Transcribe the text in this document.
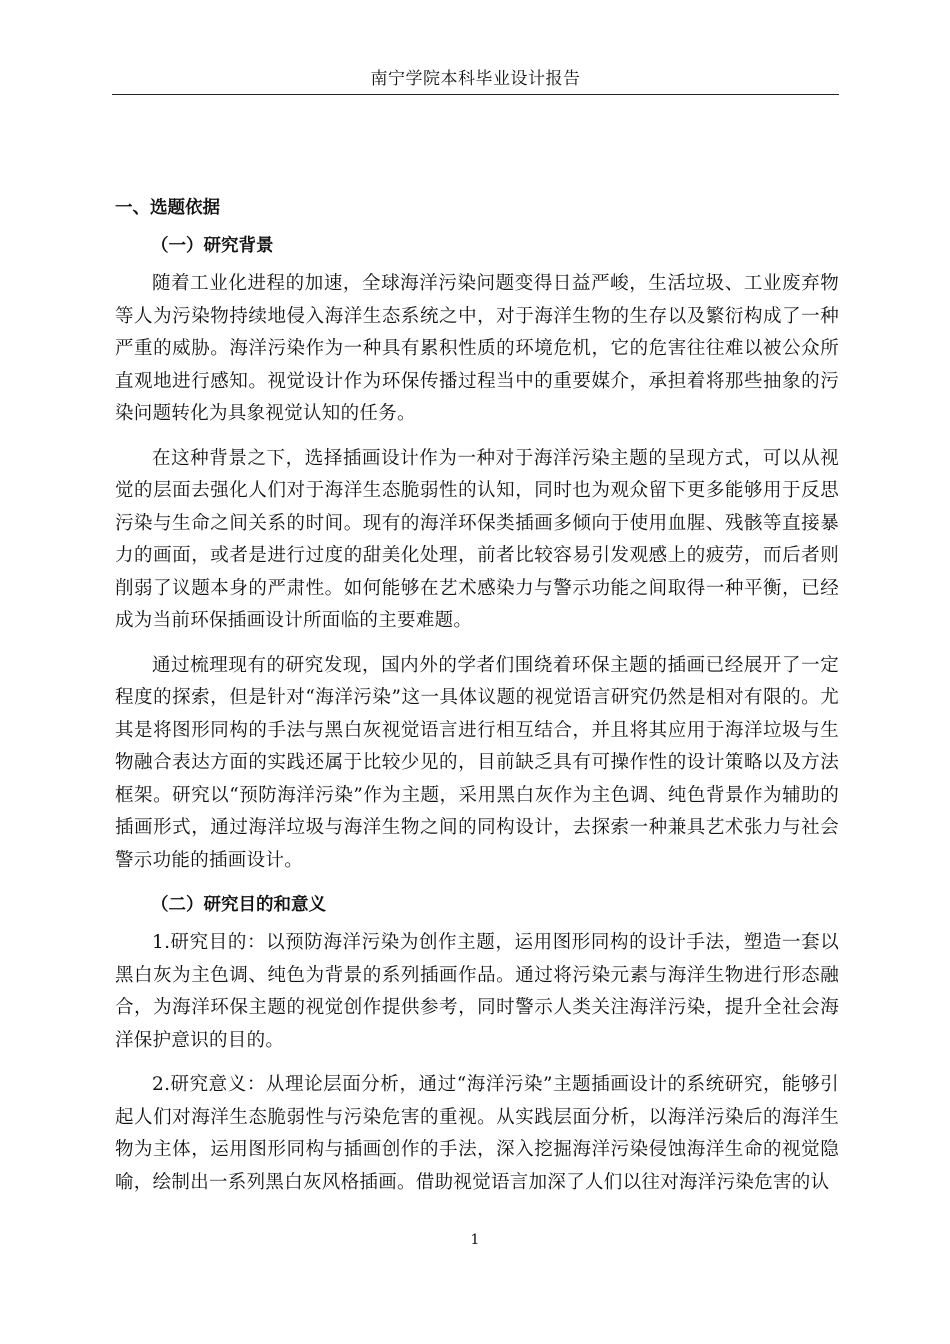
南宁学院本科毕业设计报告
一、选题依据
（一）研究背景

随着工业化进程的加速，全球海洋污染问题变得日益严峻，生活垃圾、工业废弃物等人为污染物持续地侵入海洋生态系统之中，对于海洋生物的生存以及繁衍构成了一种严重的威胁。海洋污染作为一种具有累积性质的环境危机，它的危害往往难以被公众所直观地进行感知。视觉设计作为环保传播过程当中的重要媒介，承担着将那些抽象的污染问题转化为具象视觉认知的任务。

在这种背景之下，选择插画设计作为一种对于海洋污染主题的呈现方式，可以从视觉的层面去强化人们对于海洋生态脆弱性的认知，同时也为观众留下更多能够用于反思污染与生命之间关系的时间。现有的海洋环保类插画多倾向于使用血腥、残骸等直接暴力的画面，或者是进行过度的甜美化处理，前者比较容易引发观感上的疲劳，而后者则削弱了议题本身的严肃性。如何能够在艺术感染力与警示功能之间取得一种平衡，已经成为当前环保插画设计所面临的主要难题。

通过梳理现有的研究发现，国内外的学者们围绕着环保主题的插画已经展开了一定程度的探索，但是针对“海洋污染”这一具体议题的视觉语言研究仍然是相对有限的。尤其是将图形同构的手法与黑白灰视觉语言进行相互结合，并且将其应用于海洋垃圾与生物融合表达方面的实践还属于比较少见的，目前缺乏具有可操作性的设计策略以及方法框架。研究以“预防海洋污染”作为主题，采用黑白灰作为主色调、纯色背景作为辅助的插画形式，通过海洋垃圾与海洋生物之间的同构设计，去探索一种兼具艺术张力与社会警示功能的插画设计。

（二）研究目的和意义

1.研究目的：以预防海洋污染为创作主题，运用图形同构的设计手法，塑造一套以黑白灰为主色调、纯色为背景的系列插画作品。通过将污染元素与海洋生物进行形态融合，为海洋环保主题的视觉创作提供参考，同时警示人类关注海洋污染，提升全社会海洋保护意识的目的。

2.研究意义：从理论层面分析，通过“海洋污染”主题插画设计的系统研究，能够引起人们对海洋生态脆弱性与污染危害的重视。从实践层面分析，以海洋污染后的海洋生物为主体，运用图形同构与插画创作的手法，深入挖掘海洋污染侵蚀海洋生命的视觉隐喻，绘制出一系列黑白灰风格插画。借助视觉语言加深了人们以往对海洋污染危害的认

1
